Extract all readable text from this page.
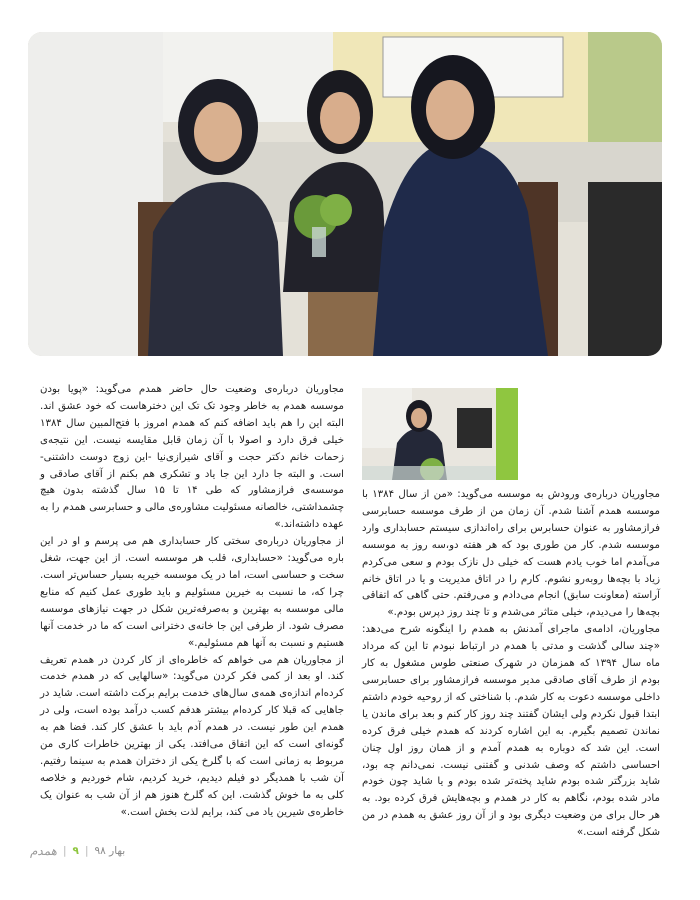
مجاوریان درباره‌ی ورودش به موسسه می‌گوید: «من از سال ۱۳۸۴ با موسسه همدم آشنا شدم. آن زمان من از طرف موسسه حسابرسی فرازمشاور به عنوان حسابرس برای راه‌اندازی سیستم حسابداری وارد موسسه شدم. کار من طوری بود که هر هفته دو،سه روز به موسسه می‌آمدم اما خوب یادم هست که خیلی دل نازک بودم و سعی می‌کردم زیاد با بچه‌ها روبه‌رو نشوم. کارم را در اتاق مدیریت و یا در اتاق خانم آراسته (معاونت سابق) انجام می‌دادم و می‌رفتم. حتی گاهی که اتفاقی بچه‌ها را می‌دیدم، خیلی متاثر می‌شدم و تا چند روز دپرس بودم.»

مجاوریان، ادامه‌ی ماجرای آمدنش به همدم را اینگونه شرح می‌دهد: «چند سالی گذشت و مدتی با همدم در ارتباط نبودم تا این که مرداد ماه سال ۱۳۹۴ که همزمان در شهرک صنعتی طوس مشغول به کار بودم از طرف آقای صادقی مدیر موسسه فرازمشاور برای حسابرسی داخلی موسسه دعوت به کار شدم. با شناختی که از روحیه خودم داشتم ابتدا قبول نکردم ولی ایشان گفتند چند روز کار کنم و بعد برای ماندن یا نماندن تصمیم بگیرم. به این اشاره کردند که همدم خیلی فرق کرده است. این شد که دوباره به همدم آمدم و از همان روز اول چنان احساسی داشتم که وصف شدنی و گفتنی نیست. نمی‌دانم چه بود، شاید بزرگتر شده بودم شاید پخته‌تر شده بودم و یا شاید چون خودم مادر شده بودم، نگاهم به کار در همدم و بچه‌هایش فرق کرده بود. به هر حال برای من وضعیت دیگری بود و از آن روز عشق به همدم در من شکل گرفته است.»

مجاوریان درباره‌ی وضعیت حال حاضر همدم می‌گوید: «پویا بودن موسسه همدم به خاطر وجود تک تک این دختر‌هاست که خود عشق اند. البته این را هم باید اضافه کنم که همدم امروز با فتح‌المبین سال ۱۳۸۴ خیلی فرق دارد و اصولا با آن زمان قابل مقایسه نیست. این نتیجه‌ی زحمات خانم دکتر حجت و آقای شیرازی‌نیا -این زوج دوست داشتنی- است. و البته جا دارد این جا یاد و تشکری هم بکنم از آقای صادقی و موسسه‌ی فرازمشاور که طی ۱۴ تا ۱۵ سال گذشته بدون هیچ چشمداشتی، خالصانه مسئولیت مشاوره‌ی مالی و حسابرسی همدم را به عهده داشته‌اند.»

از مجاوریان درباره‌ی سختی کار حسابداری هم می پرسم و او در این باره می‌گوید: «حسابداری، قلب هر موسسه است. از این جهت، شغل سخت و حساسی است، اما در یک موسسه خیریه بسیار حساس‌تر است. چرا که، ما نسبت به خیرین مسئولیم و باید طوری عمل کنیم که منابع مالی موسسه به بهترین و به‌صرفه‌ترین شکل در جهت نیازهای موسسه مصرف شود. از طرفی این جا خانه‌ی دخترانی است که ما در خدمت آنها هستیم و نسبت به آنها هم مسئولیم.»

از مجاوریان هم می خواهم که خاطره‌ای از کار کردن در همدم تعریف کند. او بعد از کمی فکر کردن می‌گوید: «سالهایی که در همدم خدمت کرده‌ام اندازه‌ی همه‌ی سال‌های خدمت برایم برکت داشته است. شاید در جاهایی که قبلا کار کرده‌ام بیشتر هدفم کسب درآمد بوده است، ولی در همدم این طور نیست. در همدم آدم باید با عشق کار کند. فضا هم به گونه‌ای است که این اتفاق می‌افتد. یکی از بهترین خاطرات کاری من مربوط به زمانی است که با گلرخ یکی از دختران همدم به سینما رفتیم. آن شب با همدیگر دو فیلم دیدیم، خرید کردیم، شام خوردیم و خلاصه کلی به ما خوش گذشت. این که گلرخ هنوز هم از آن شب به عنوان یک خاطره‌ی شیرین یاد می کند، برایم لذت بخش است.»

بهار ۹۸
|
۹
|
همدم
